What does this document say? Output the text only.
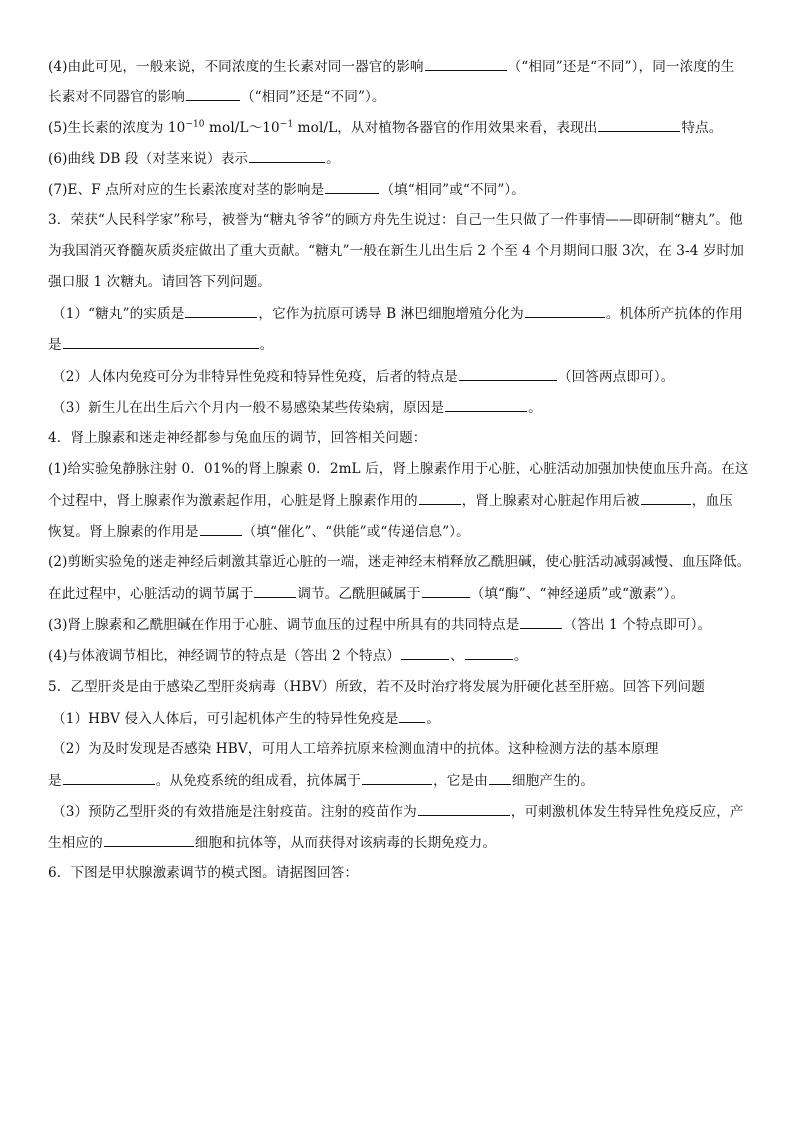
(4)由此可见，一般来说，不同浓度的生长素对同一器官的影响	（“相同”还是“不同”），同一浓度的生
长素对不同器官的影响	（“相同”还是“不同”）。
(5)生长素的浓度为 $10^{-10}$ mol/$L\sim 10^{-1}$ mol/L，从对植物各器官的作用效果来看，表现出	特点。
(6)曲线 DB 段（对茎来说）表示	。
(7)E、F 点所对应的生长素浓度对茎的影响是	（填“相同”或“不同”）。
3．荣获“人民科学家”称号，被誉为“糖丸爷爷”的顾方舟先生说过：自己一生只做了一件事情——即研制“糖丸”。他
为我国消灭脊髓灰质炎症做出了重大贡献。“糖丸”一般在新生儿出生后 2 个至 4 个月期间口服 3次，在 3-4 岁时加
强口服 1 次糖丸。请回答下列问题。
（1）“糖丸”的实质是	，它作为抗原可诱导 B 淋巴细胞增殖分化为	。机体所产抗体的作用
是	。
（2）人体内免疫可分为非特异性免疫和特异性免疫，后者的特点是	（回答两点即可）。
（3）新生儿在出生后六个月内一般不易感染某些传染病，原因是	。
4．肾上腺素和迷走神经都参与兔血压的调节，回答相关问题：
(1)给实验兔静脉注射 0．01%的肾上腺素 0．2mL 后，肾上腺素作用于心脏，心脏活动加强加快使血压升高。在这
个过程中，肾上腺素作为激素起作用，心脏是肾上腺素作用的	，肾上腺素对心脏起作用后被	，血压
恢复。肾上腺素的作用是	（填“催化”、“供能”或“传递信息”）。
(2)剪断实验兔的迷走神经后刺激其靠近心脏的一端，迷走神经末梢释放乙酰胆碱，使心脏活动减弱减慢、血压降低。
在此过程中，心脏活动的调节属于	调节。乙酰胆碱属于	（填“酶”、“神经递质”或“激素”）。
(3)肾上腺素和乙酰胆碱在作用于心脏、调节血压的过程中所具有的共同特点是	（答出 1 个特点即可）。
(4)与体液调节相比，神经调节的特点是（答出 2 个特点）	、	。
5．乙型肝炎是由于感染乙型肝炎病毒（HBV）所致，若不及时治疗将发展为肝硬化甚至肝癌。回答下列问题
（1）HBV 侵入人体后，可引起机体产生的特异性免疫是 。
（2）为及时发现是否感染 HBV，可用人工培养抗原来检测血清中的抗体。这种检测方法的基本原理
是	。从免疫系统的组成看，抗体属于	，它是由 细胞产生的。
（3）预防乙型肝炎的有效措施是注射疫苗。注射的疫苗作为	，可刺激机体发生特异性免疫反应，产
生相应的	细胞和抗体等，从而获得对该病毒的长期免疫力。
6．下图是甲状腺激素调节的模式图。请据图回答：
